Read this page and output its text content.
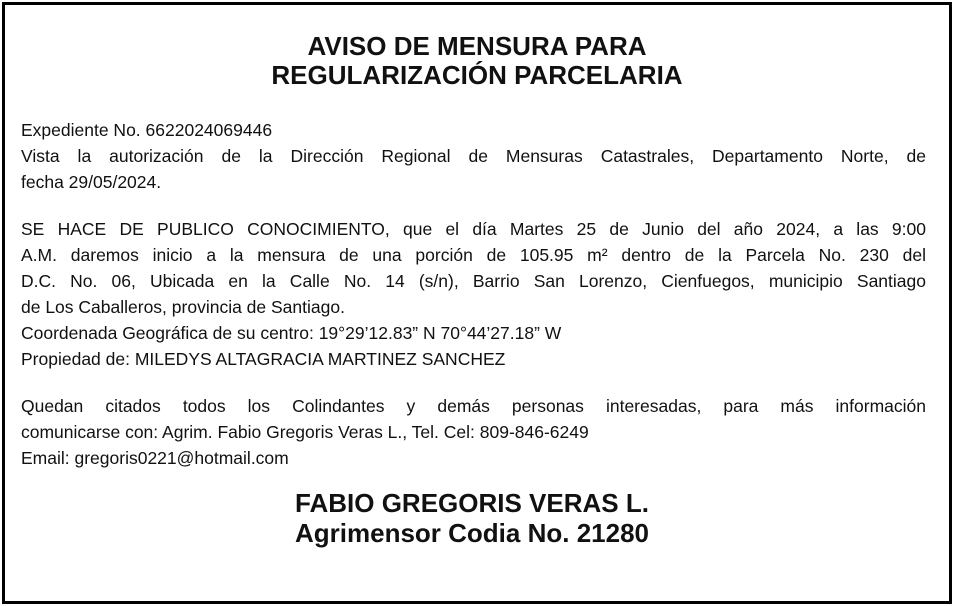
AVISO DE MENSURA PARA
REGULARIZACIÓN PARCELARIA
Expediente No. 6622024069446
Vista la autorización de la Dirección Regional de Mensuras Catastrales, Departamento Norte, de
fecha 29/05/2024.
SE HACE DE PUBLICO CONOCIMIENTO, que el día Martes 25 de Junio del año 2024, a las 9:00
A.M. daremos inicio a la mensura de una porción de 105.95 m² dentro de la Parcela No. 230 del
D.C. No. 06, Ubicada en la Calle No. 14 (s/n), Barrio San Lorenzo, Cienfuegos, municipio Santiago
de Los Caballeros, provincia de Santiago.
Coordenada Geográfica de su centro: 19°29’12.83” N 70°44’27.18” W
Propiedad de: MILEDYS ALTAGRACIA MARTINEZ SANCHEZ
Quedan citados todos los Colindantes y demás personas interesadas, para más información
comunicarse con: Agrim. Fabio Gregoris Veras L., Tel. Cel: 809-846-6249
Email: gregoris0221@hotmail.com
FABIO GREGORIS VERAS L.
Agrimensor Codia No. 21280
